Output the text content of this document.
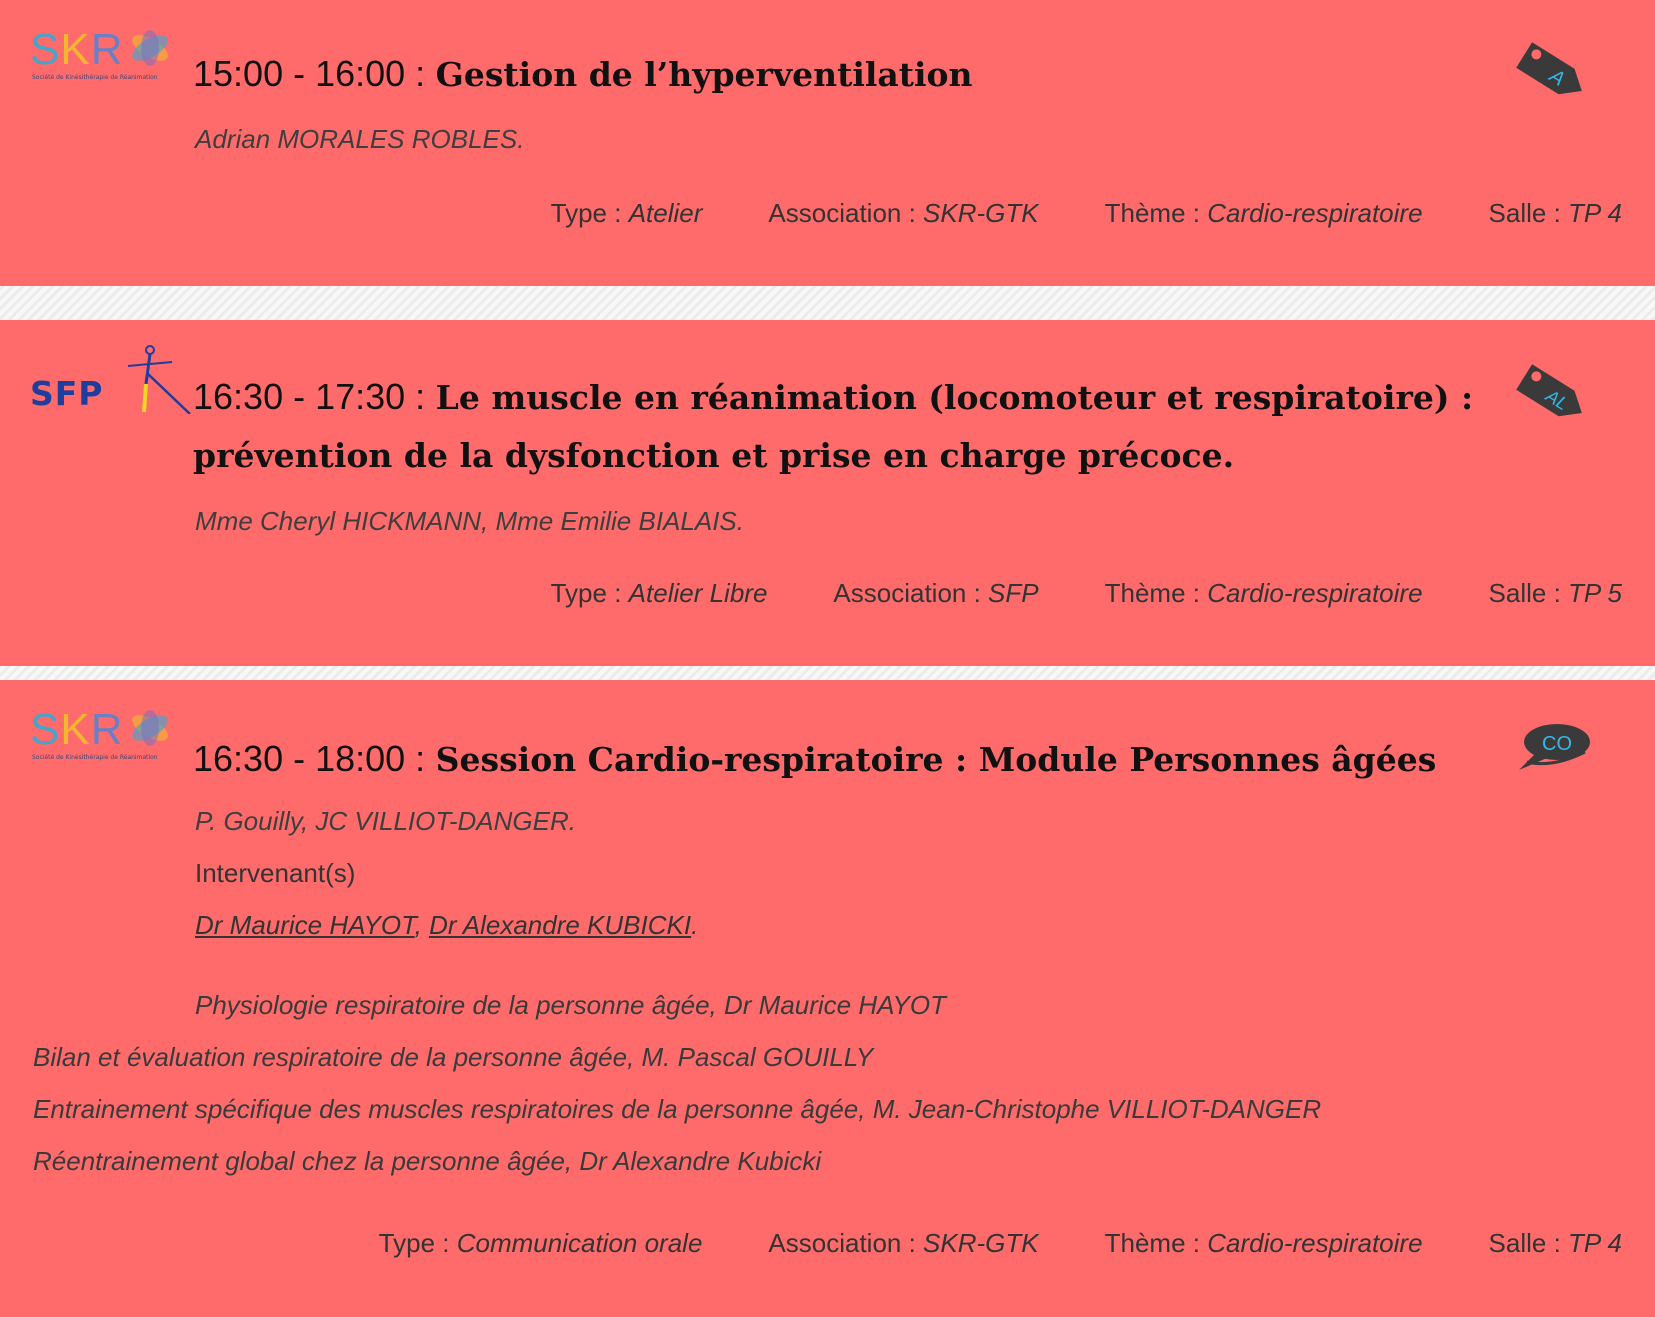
SKR
Société de Kinésithérapie de Réanimation 15:00 - 16:00 : Gestion de l’hyperventilation
Adrian MORALES ROBLES.
A
Type : Atelier	Association : SKR-GTK	Thème : Cardio-respiratoire	Salle : TP 4
SFP 16:30 - 17:30 : Le muscle en réanimation (locomoteur et respiratoire) : prévention de la dysfonction et prise en charge précoce.
Mme Cheryl HICKMANN, Mme Emilie BIALAIS.
AL
Type : Atelier Libre	Association : SFP	Thème : Cardio-respiratoire	Salle : TP 5
SKR
Société de Kinésithérapie de Réanimation 16:30 - 18:00 : Session Cardio-respiratoire : Module Personnes âgées
P. Gouilly, JC VILLIOT-DANGER.
Intervenant(s)
Dr Maurice HAYOT, Dr Alexandre KUBICKI.
Physiologie respiratoire de la personne âgée, Dr Maurice HAYOT
Bilan et évaluation respiratoire de la personne âgée, M. Pascal GOUILLY
Entrainement spécifique des muscles respiratoires de la personne âgée, M. Jean-Christophe VILLIOT-DANGER
Réentrainement global chez la personne âgée, Dr Alexandre Kubicki
CO
Type : Communication orale	Association : SKR-GTK	Thème : Cardio-respiratoire	Salle : TP 4
